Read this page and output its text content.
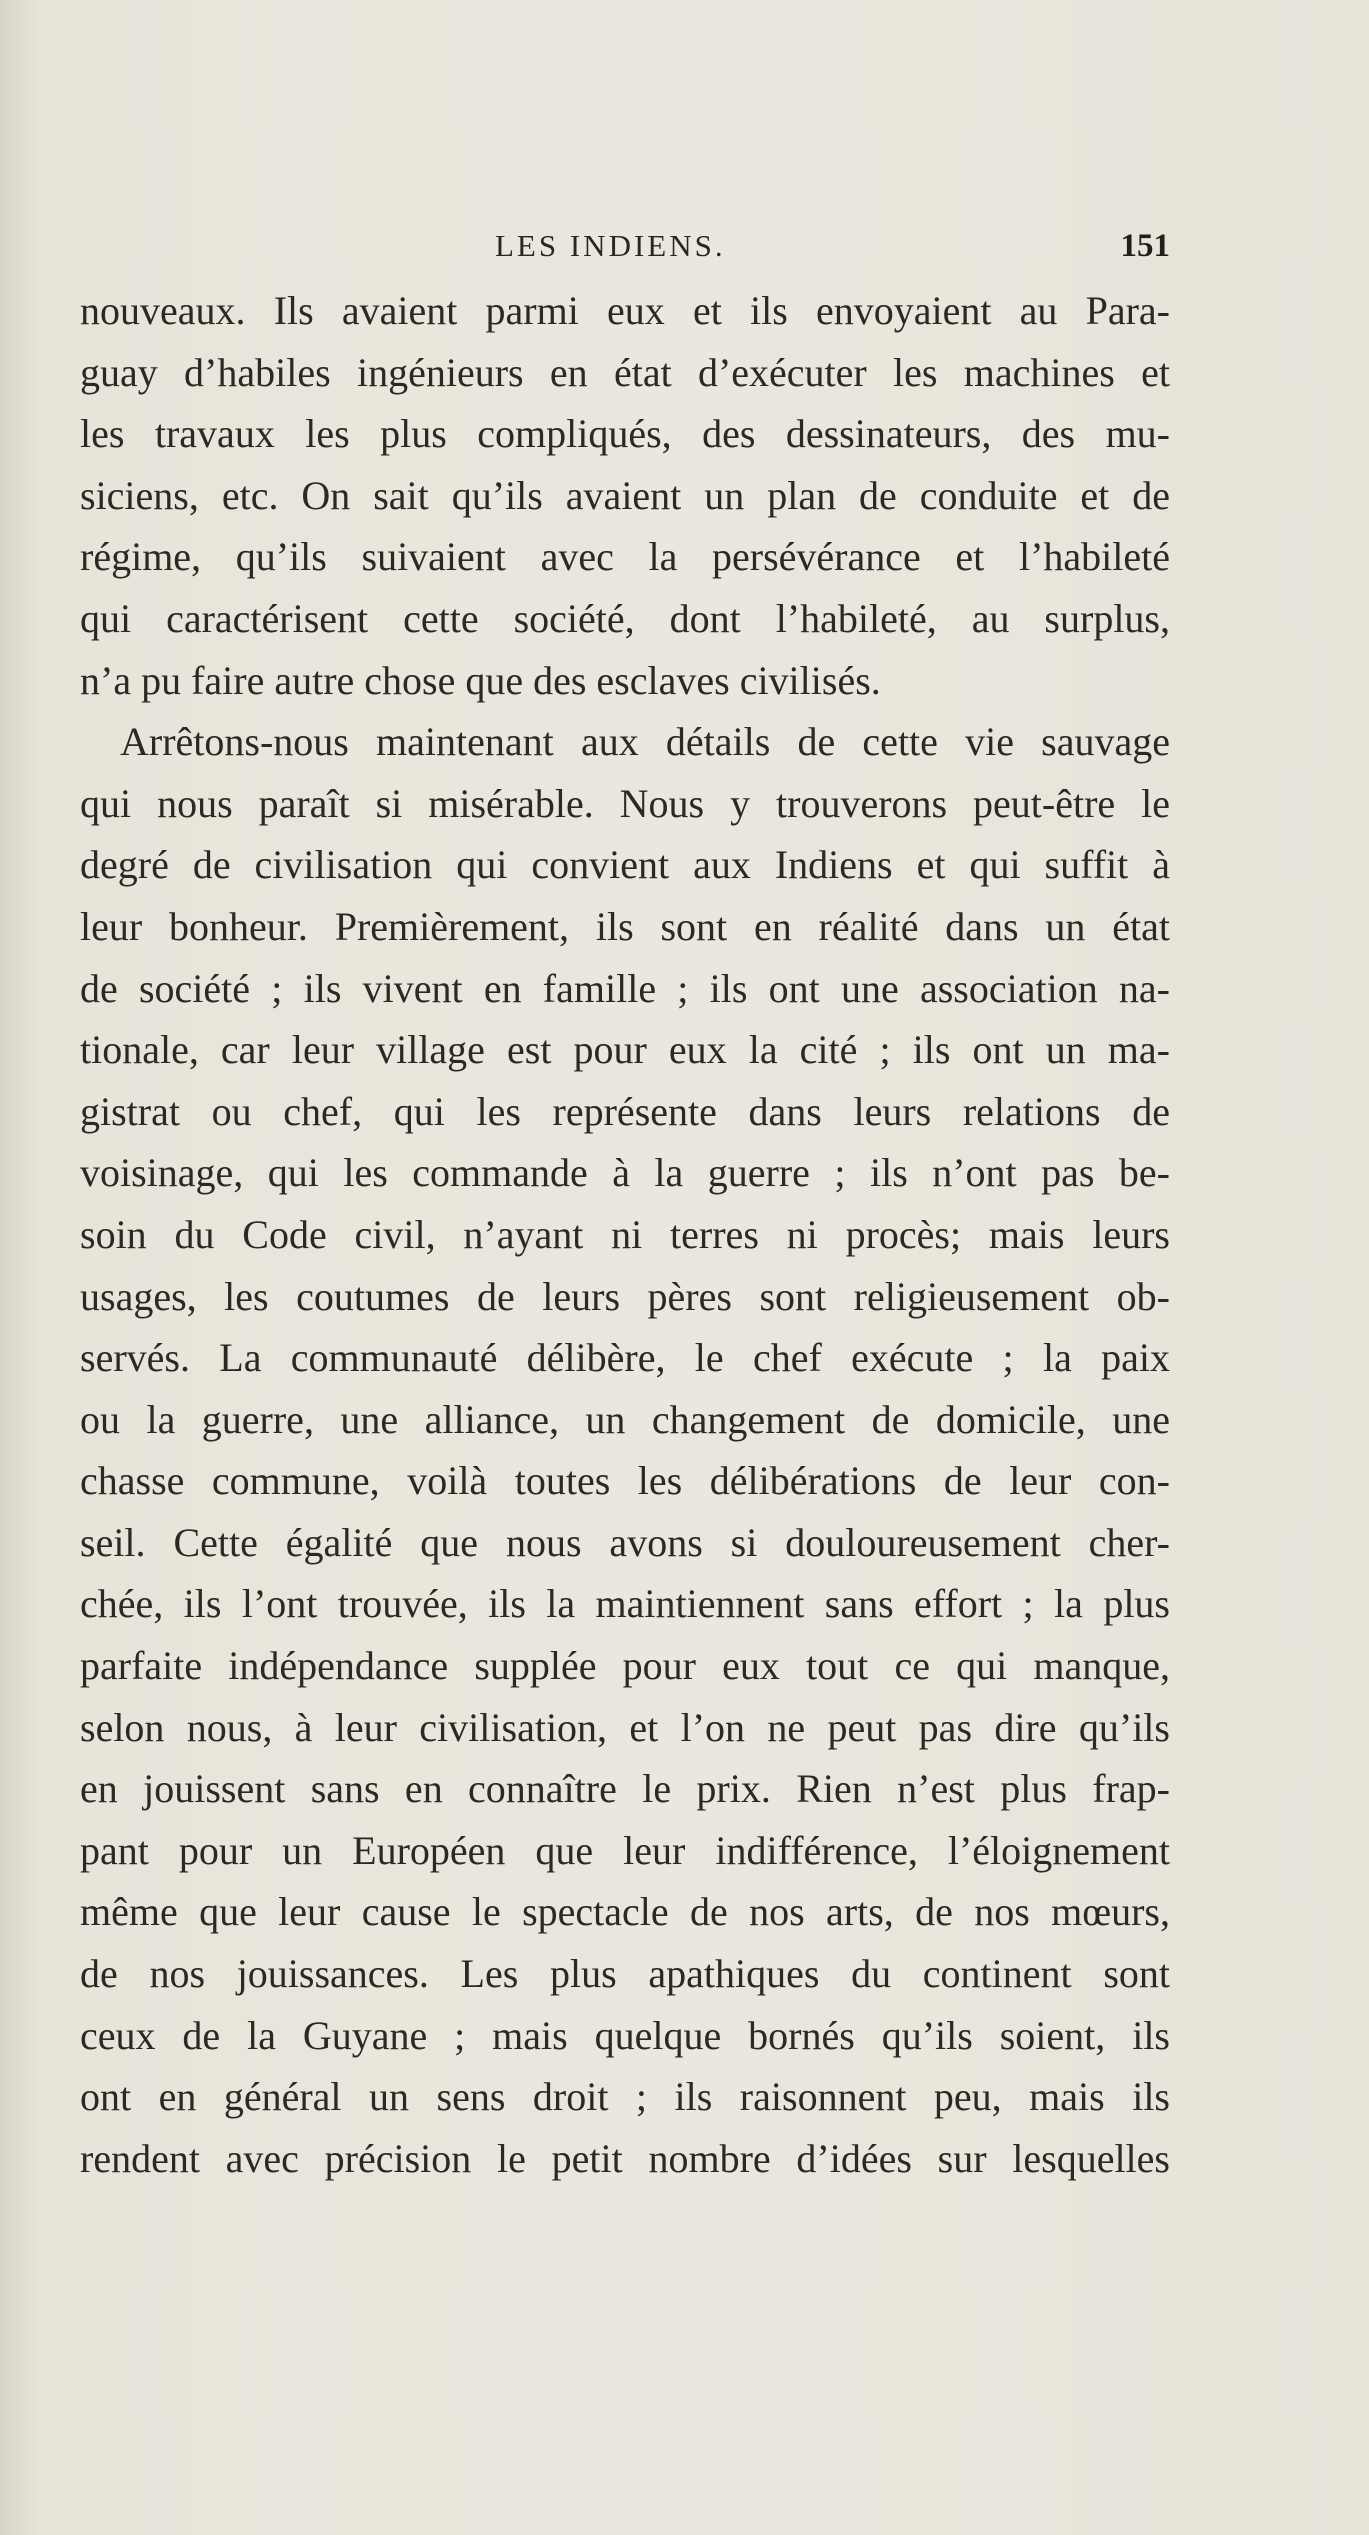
LES INDIENS.	151
nouveaux. Ils avaient parmi eux et ils envoyaient au Para-
guay d’habiles ingénieurs en état d’exécuter les machines et
les travaux les plus compliqués, des dessinateurs, des mu-
siciens, etc. On sait qu’ils avaient un plan de conduite et de
régime, qu’ils suivaient avec la persévérance et l’habileté
qui caractérisent cette société, dont l’habileté, au surplus,
n’a pu faire autre chose que des esclaves civilisés.
Arrêtons-nous maintenant aux détails de cette vie sauvage
qui nous paraît si misérable. Nous y trouverons peut-être le
degré de civilisation qui convient aux Indiens et qui suffit à
leur bonheur. Premièrement, ils sont en réalité dans un état
de société ; ils vivent en famille ; ils ont une association na-
tionale, car leur village est pour eux la cité ; ils ont un ma-
gistrat ou chef, qui les représente dans leurs relations de
voisinage, qui les commande à la guerre ; ils n’ont pas be-
soin du Code civil, n’ayant ni terres ni procès; mais leurs
usages, les coutumes de leurs pères sont religieusement ob-
servés. La communauté délibère, le chef exécute ; la paix
ou la guerre, une alliance, un changement de domicile, une
chasse commune, voilà toutes les délibérations de leur con-
seil. Cette égalité que nous avons si douloureusement cher-
chée, ils l’ont trouvée, ils la maintiennent sans effort ; la plus
parfaite indépendance supplée pour eux tout ce qui manque,
selon nous, à leur civilisation, et l’on ne peut pas dire qu’ils
en jouissent sans en connaître le prix. Rien n’est plus frap-
pant pour un Européen que leur indifférence, l’éloignement
même que leur cause le spectacle de nos arts, de nos mœurs,
de nos jouissances. Les plus apathiques du continent sont
ceux de la Guyane ; mais quelque bornés qu’ils soient, ils
ont en général un sens droit ; ils raisonnent peu, mais ils
rendent avec précision le petit nombre d’idées sur lesquelles
